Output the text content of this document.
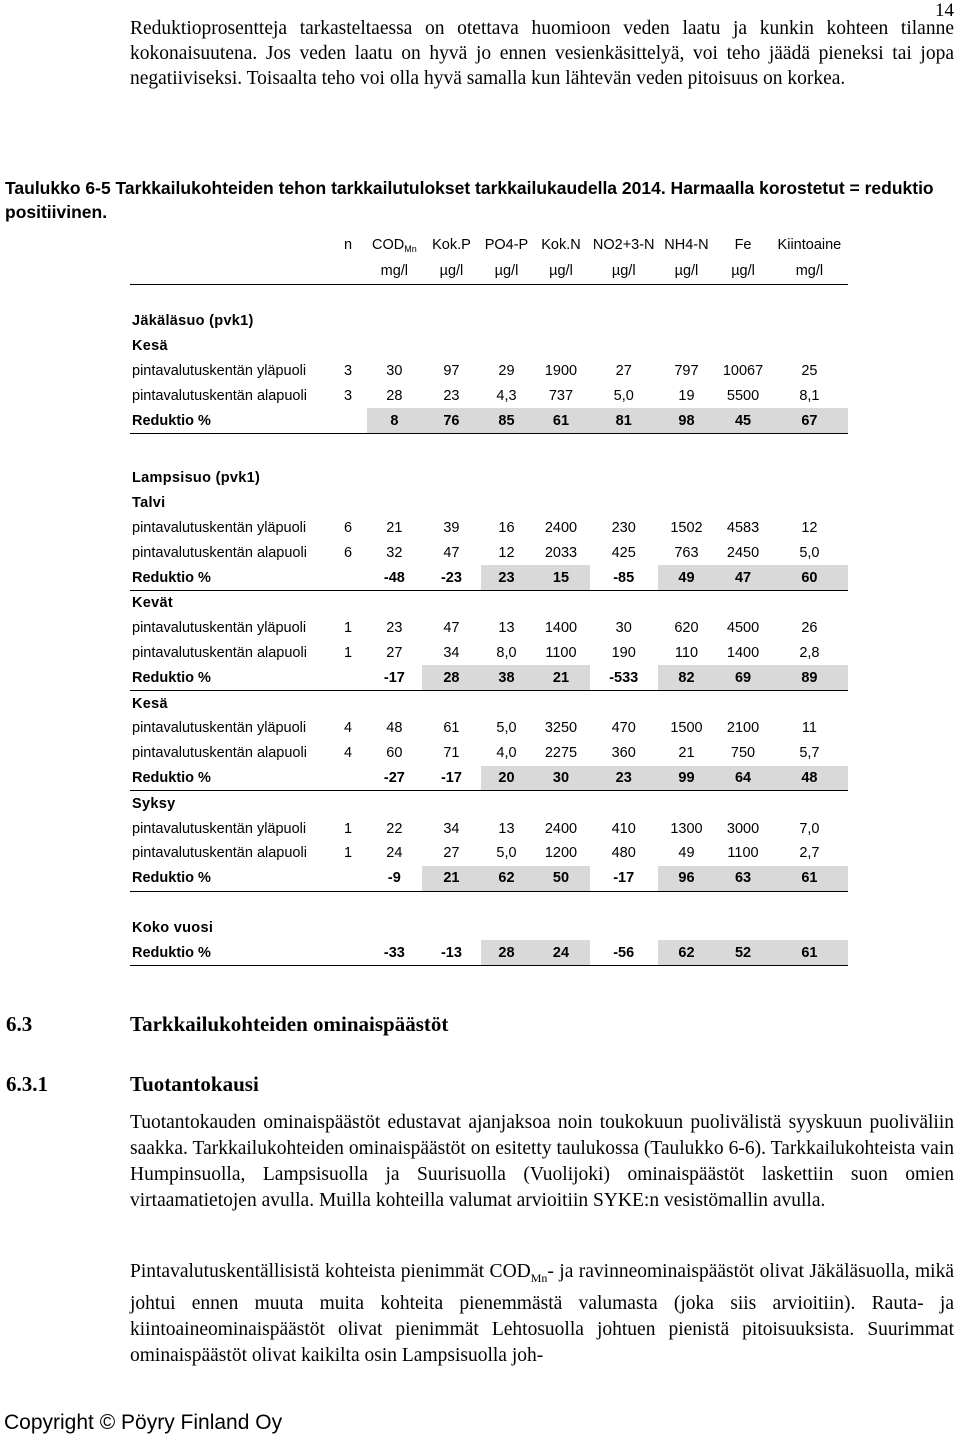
14
Reduktioprosentteja tarkasteltaessa on otettava huomioon veden laatu ja kunkin kohteen tilanne kokonaisuutena. Jos veden laatu on hyvä jo ennen vesienkäsittelyä, voi teho jäädä pieneksi tai jopa negatiiviseksi. Toisaalta teho voi olla hyvä samalla kun lähtevän veden pitoisuus on korkea.
Taulukko 6-5 Tarkkailukohteiden tehon tarkkailutulokset tarkkailukaudella 2014. Harmaalla korostetut = reduktio positiivinen.
	n	$COD_{Mn}$	Kok.P	PO4-P	Kok.N	NO2+3-N	NH4-N	Fe	Kiintoaine
		mg/l	µg/l	µg/l	µg/l	µg/l	µg/l	µg/l	mg/l

Jäkäläsuo (pvk1)									
Kesä									
pintavalutuskentän yläpuoli	3	30	97	29	1900	27	797	10067	25
pintavalutuskentän alapuoli	3	28	23	4,3	737	5,0	19	5500	8,1
Reduktio %		8	76	85	61	81	98	45	67

Lampsisuo (pvk1)									
Talvi									
pintavalutuskentän yläpuoli	6	21	39	16	2400	230	1502	4583	12
pintavalutuskentän alapuoli	6	32	47	12	2033	425	763	2450	5,0
Reduktio %		-48	-23	23	15	-85	49	47	60
Kevät									
pintavalutuskentän yläpuoli	1	23	47	13	1400	30	620	4500	26
pintavalutuskentän alapuoli	1	27	34	8,0	1100	190	110	1400	2,8
Reduktio %		-17	28	38	21	-533	82	69	89
Kesä									
pintavalutuskentän yläpuoli	4	48	61	5,0	3250	470	1500	2100	11
pintavalutuskentän alapuoli	4	60	71	4,0	2275	360	21	750	5,7
Reduktio %		-27	-17	20	30	23	99	64	48
Syksy									
pintavalutuskentän yläpuoli	1	22	34	13	2400	410	1300	3000	7,0
pintavalutuskentän alapuoli	1	24	27	5,0	1200	480	49	1100	2,7
Reduktio %		-9	21	62	50	-17	96	63	61

Koko vuosi									
Reduktio %		-33	-13	28	24	-56	62	52	61
6.3	Tarkkailukohteiden ominaispäästöt
6.3.1	Tuotantokausi
Tuotantokauden ominaispäästöt edustavat ajanjaksoa noin toukokuun puolivälistä syyskuun puoliväliin saakka. Tarkkailukohteiden ominaispäästöt on esitetty taulukossa (Taulukko 6-6). Tarkkailukohteista vain Humpinsuolla, Lampsisuolla ja Suurisuolla (Vuolijoki) ominaispäästöt laskettiin suon omien virtaamatietojen avulla. Muilla kohteilla valumat arvioitiin SYKE:n vesistömallin avulla.
Pintavalutuskentällisistä kohteista pienimmät $COD_{Mn}-$ ja ravinneominaispäästöt olivat Jäkäläsuolla, mikä johtui ennen muuta muita kohteita pienemmästä valumasta (joka siis arvioitiin). Rauta- ja kiintoaineominaispäästöt olivat pienimmät Lehtosuolla johtuen pienistä pitoisuuksista. Suurimmat ominaispäästöt olivat kaikilta osin Lampsisuolla joh-
Copyright © Pöyry Finland Oy
